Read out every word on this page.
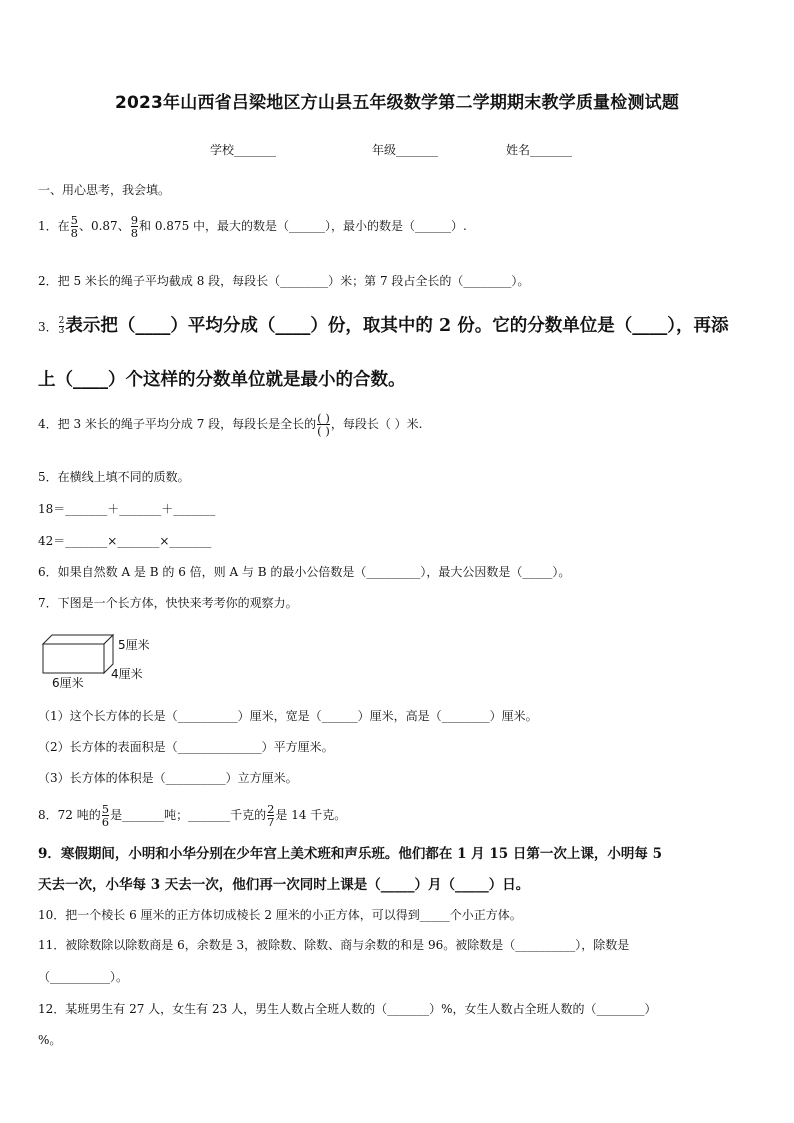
2023年山西省吕梁地区方山县五年级数学第二学期期末教学质量检测试题
学校_______	年级_______	姓名_______
一、用心思考，我会填。
1．在 $\frac{5}{8}$ 、0.87、 $\frac{9}{8}$ 和 0.875 中，最大的数是（______），最小的数是（______）.
2．把 5 米长的绳子平均截成 8 段，每段长（________）米；第 7 段占全长的（________）。
3． $\frac{2}{3}$ 表示把（____）平均分成（____）份，取其中的 2 份。它的分数单位是（____），再添
上（____）个这样的分数单位就是最小的合数。
4．把 3 米长的绳子平均分成 7 段，每段长是全长的 $\frac{( )}{( )}$ ，每段长（ ）米.
5．在横线上填不同的质数。
18＝_______＋_______＋_______
42＝_______×_______×_______
6．如果自然数 A 是 B 的 6 倍，则 A 与 B 的最小公倍数是（_________），最大公因数是（_____）。
7．下图是一个长方体，快快来考考你的观察力。
5厘米
4厘米
6厘米
（1）这个长方体的长是（__________）厘米，宽是（______）厘米，高是（________）厘米。
（2）长方体的表面积是（______________）平方厘米。
（3）长方体的体积是（__________）立方厘米。
8．72 吨的 $\frac{5}{6}$ 是_______吨；_______千克的 $\frac{2}{7}$ 是 14 千克。
9．寒假期间，小明和小华分别在少年宫上美术班和声乐班。他们都在 1 月 15 日第一次上课，小明每 5
天去一次，小华每 3 天去一次，他们再一次同时上课是（_____）月（_____）日。
10．把一个棱长 6 厘米的正方体切成棱长 2 厘米的小正方体，可以得到_____个小正方体。
11．被除数除以除数商是 6，余数是 3，被除数、除数、商与余数的和是 96。被除数是（__________），除数是
（__________）。
12．某班男生有 27 人，女生有 23 人，男生人数占全班人数的（_______）%，女生人数占全班人数的（________）
%。
